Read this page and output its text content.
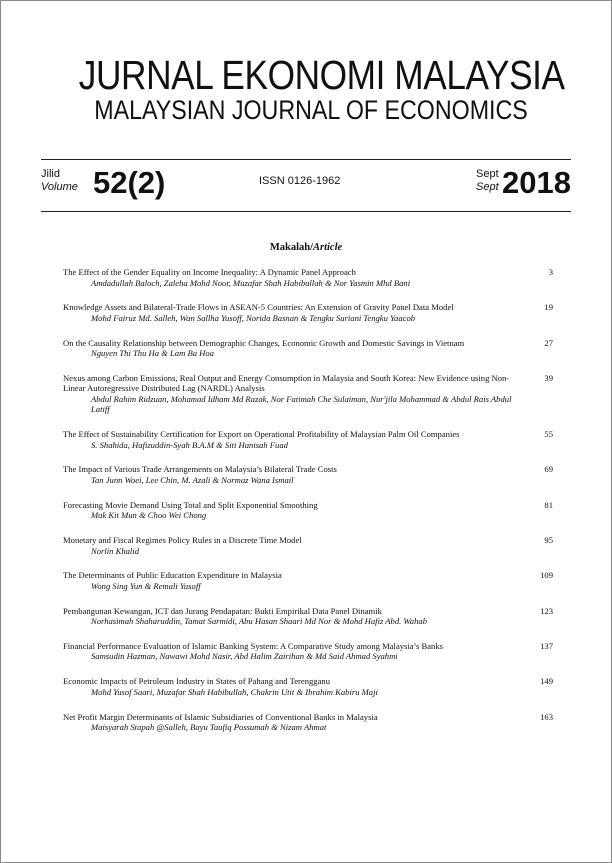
JURNAL EKONOMI MALAYSIA
MALAYSIAN JOURNAL OF ECONOMICS
Jilid
Volume 52(2)	ISSN 0126-1962
Sept
Sept 2018
Makalah/Article
The Effect of the Gender Equality on Income Inequality: A Dynamic Panel Approach
Amdadullah Baloch, Zaleha Mohd Noor, Muzafar Shah Habibullah & Nor Yasmin Mhd Bani
3
Knowledge Assets and Bilateral-Trade Flows in ASEAN-5 Countries: An Extension of Gravity Panel Data Model
Mohd Fairuz Md. Salleh, Wan Sallha Yusoff, Norida Basnan & Tengku Suriani Tengku Yaacob
19
On the Causality Relationship between Demographic Changes, Economic Growth and Domestic Savings in Vietnam
Nguyen Thi Thu Ha & Lam Ba Hoa
27
Nexus among Carbon Emissions, Real Output and Energy Consumption in Malaysia and South Korea: New Evidence using Non-Linear Autoregressive Distributed Lag (NARDL) Analysis
Abdul Rahim Ridzuan, Mohamad Idham Md Razak, Nor Fatimah Che Sulaiman, Nur'jila Mohammad & Abdul Rais Abdul Latiff
39
The Effect of Sustainability Certification for Export on Operational Profitability of Malaysian Palm Oil Companies
S. Shahida, Hafizuddin-Syah B.A.M & Siti Hanisah Fuad
55
The Impact of Various Trade Arrangements on Malaysia’s Bilateral Trade Costs
Tan Junn Woei, Lee Chin, M. Azali & Normaz Wana Ismail
69
Forecasting Movie Demand Using Total and Split Exponential Smoothing
Mak Kit Mun & Choo Wei Chong
81
Monetary and Fiscal Regimes Policy Rules in a Discrete Time Model
Norlin Khalid
95
The Determinants of Public Education Expenditure in Malaysia
Wong Sing Yun & Remali Yusoff
109
Pembangunan Kewangan, ICT dan Jurang Pendapatan: Bukti Empirikal Data Panel Dinamik
Norhasimah Shaharuddin, Tamat Sarmidi, Abu Hasan Shaari Md Nor & Mohd Hafiz Abd. Wahab
123
Financial Performance Evaluation of Islamic Banking System: A Comparative Study among Malaysia’s Banks
Samsudin Hazman, Nawawi Mohd Nasir, Abd Halim Zairihan & Md Said Ahmad Syahmi
137
Economic Impacts of Petroleum Industry in States of Pahang and Terengganu
Mohd Yusof Saari, Muzafar Shah Habibullah, Chakrin Utit & Ibrahim Kabiru Maji
149
Net Profit Margin Determinants of Islamic Subsidiaries of Conventional Banks in Malaysia
Maisyarah Stapah @Salleh, Bayu Taufiq Possumah & Nizam Ahmat
163
